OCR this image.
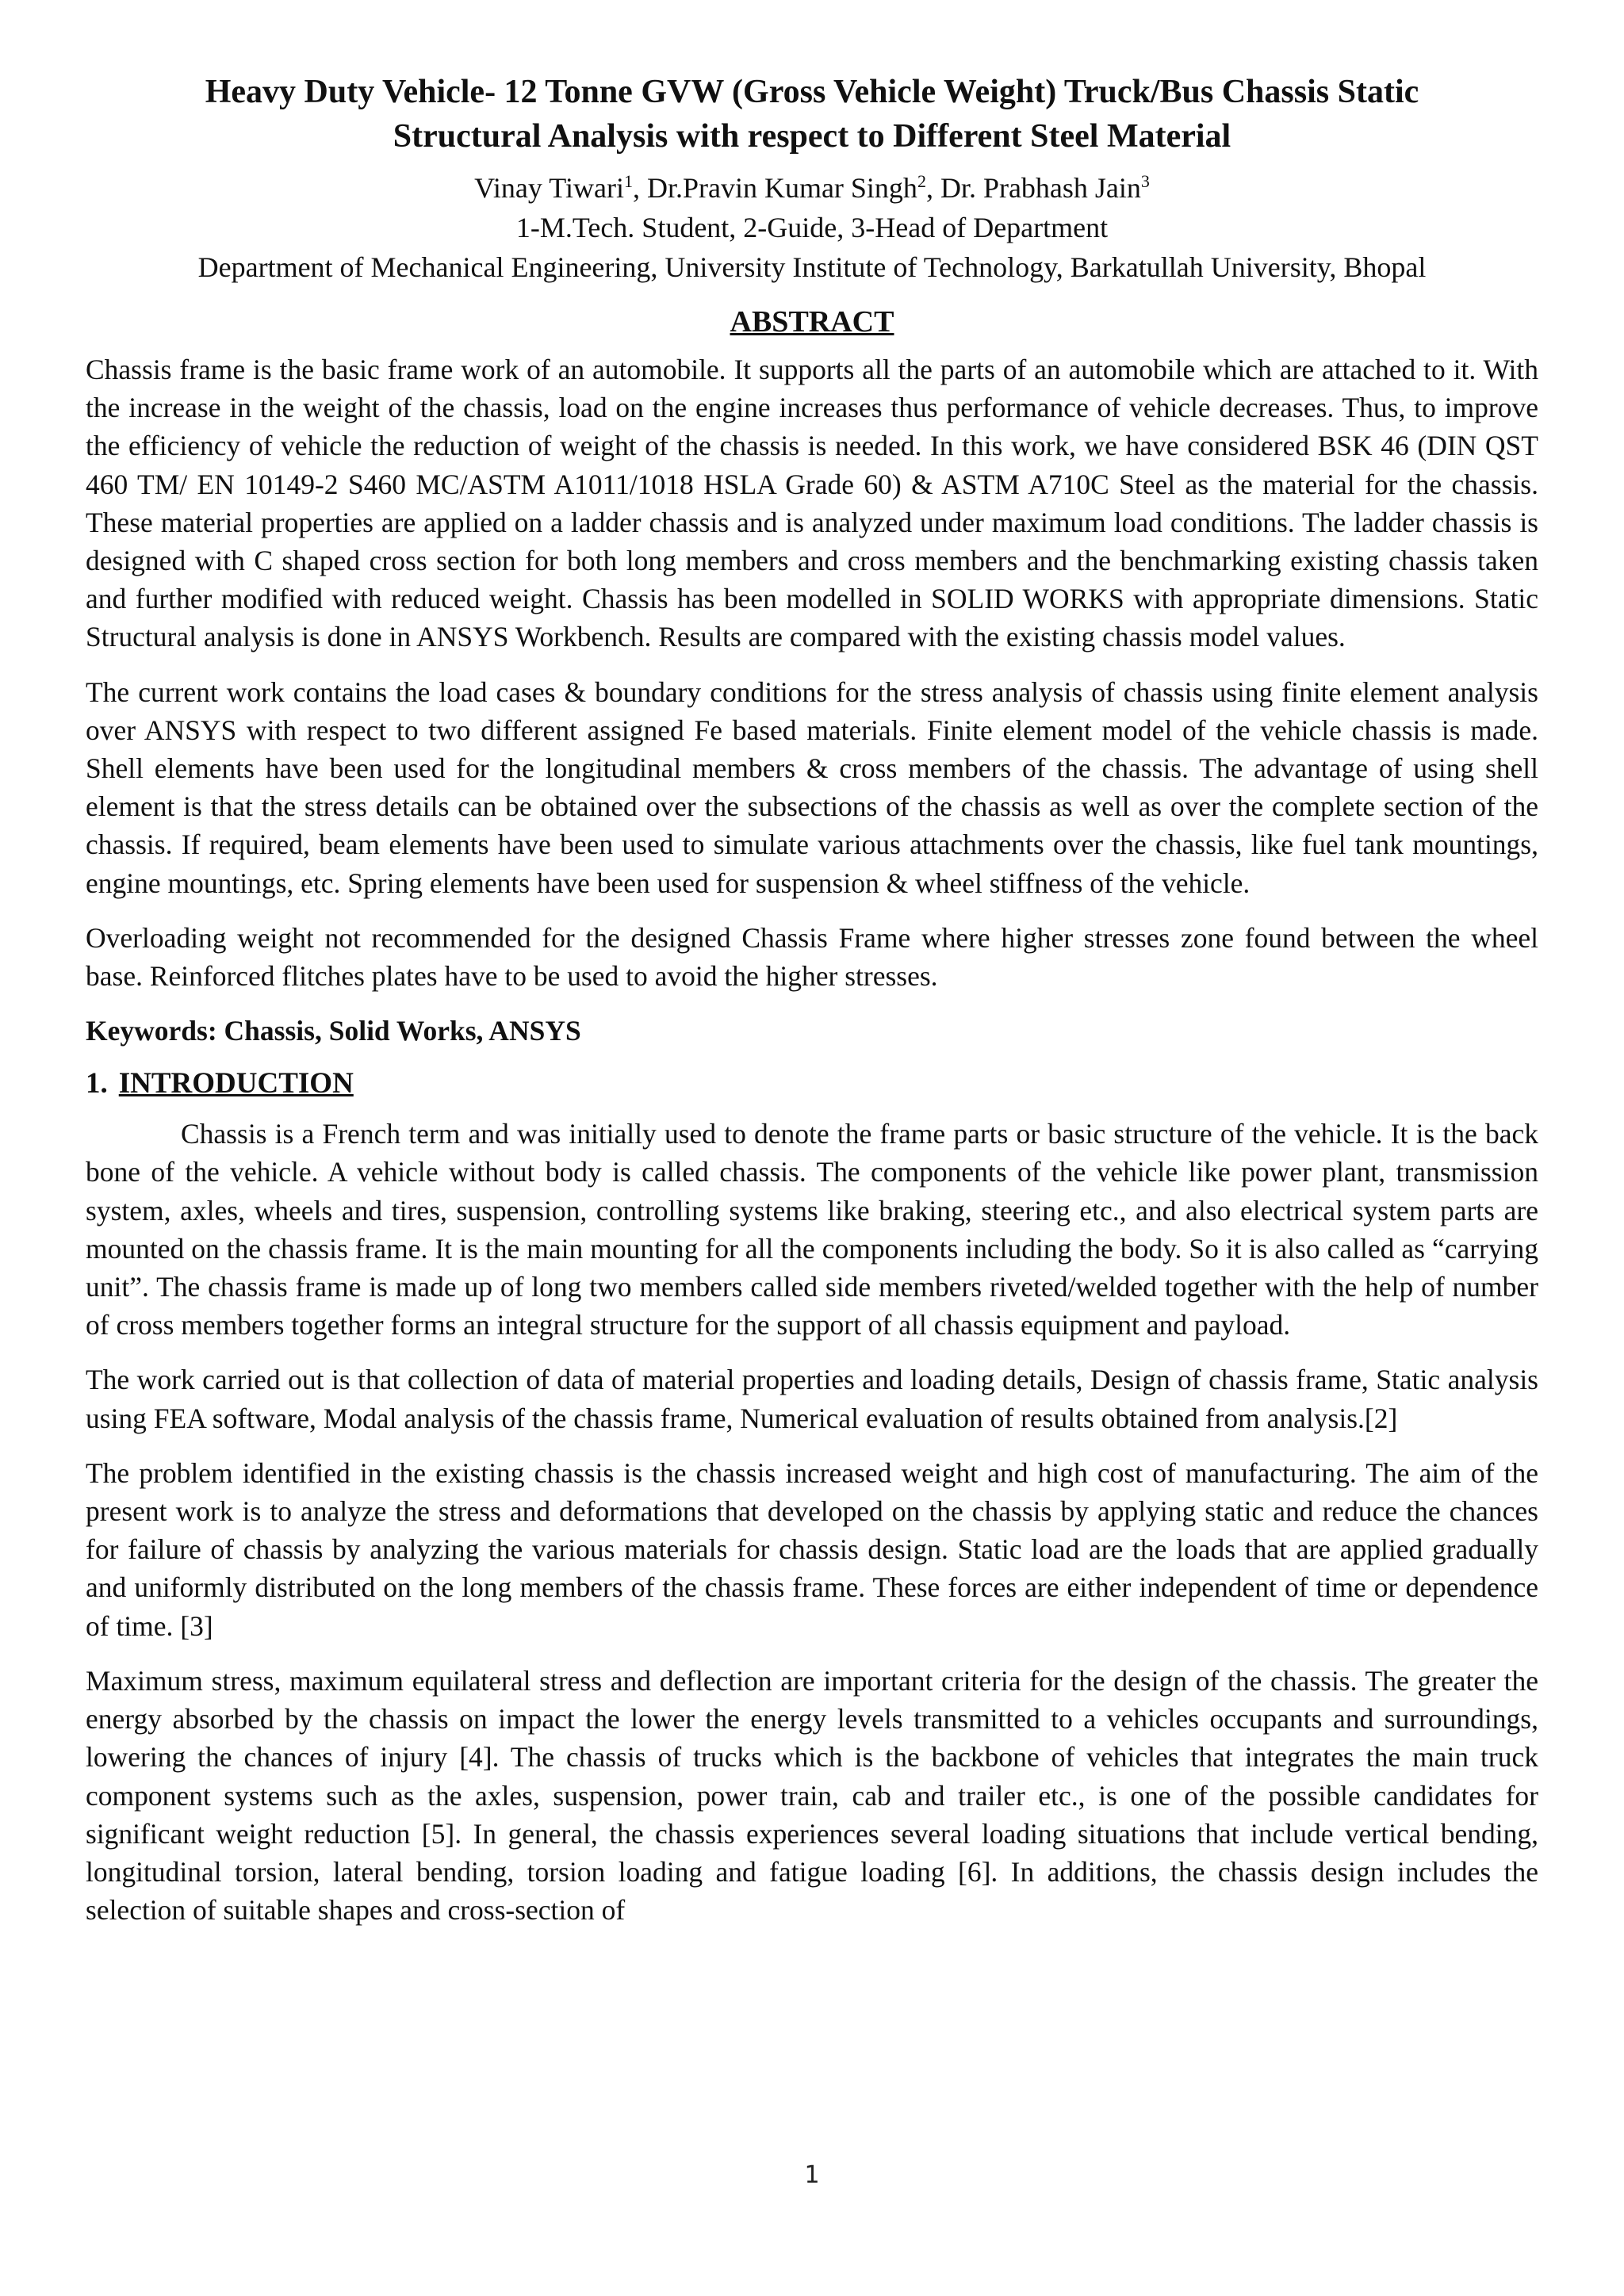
Heavy Duty Vehicle- 12 Tonne GVW (Gross Vehicle Weight) Truck/Bus Chassis Static
Structural Analysis with respect to Different Steel Material

Vinay Tiwari$^1$, Dr.Pravin Kumar Singh$^2$, Dr. Prabhash Jain$^3$

1-M.Tech. Student, 2-Guide, 3-Head of Department

Department of Mechanical Engineering, University Institute of Technology, Barkatullah University, Bhopal

ABSTRACT

Chassis frame is the basic frame work of an automobile. It supports all the parts of an automobile which are attached to it. With the increase in the weight of the chassis, load on the engine increases thus performance of vehicle decreases. Thus, to improve the efficiency of vehicle the reduction of weight of the chassis is needed. In this work, we have considered BSK 46 (DIN QST 460 TM/ EN 10149-2 S460 MC/ASTM A1011/1018 HSLA Grade 60) & ASTM A710C Steel as the material for the chassis. These material properties are applied on a ladder chassis and is analyzed under maximum load conditions. The ladder chassis is designed with C shaped cross section for both long members and cross members and the benchmarking existing chassis taken and further modified with reduced weight. Chassis has been modelled in SOLID WORKS with appropriate dimensions. Static Structural analysis is done in ANSYS Workbench. Results are compared with the existing chassis model values.

The current work contains the load cases & boundary conditions for the stress analysis of chassis using finite element analysis over ANSYS with respect to two different assigned Fe based materials. Finite element model of the vehicle chassis is made. Shell elements have been used for the longitudinal members & cross members of the chassis. The advantage of using shell element is that the stress details can be obtained over the subsections of the chassis as well as over the complete section of the chassis. If required, beam elements have been used to simulate various attachments over the chassis, like fuel tank mountings, engine mountings, etc. Spring elements have been used for suspension & wheel stiffness of the vehicle.

Overloading weight not recommended for the designed Chassis Frame where higher stresses zone found between the wheel base. Reinforced flitches plates have to be used to avoid the higher stresses.

Keywords: Chassis, Solid Works, ANSYS

1. INTRODUCTION

Chassis is a French term and was initially used to denote the frame parts or basic structure of the vehicle. It is the back bone of the vehicle. A vehicle without body is called chassis. The components of the vehicle like power plant, transmission system, axles, wheels and tires, suspension, controlling systems like braking, steering etc., and also electrical system parts are mounted on the chassis frame. It is the main mounting for all the components including the body. So it is also called as “carrying unit”. The chassis frame is made up of long two members called side members riveted/welded together with the help of number of cross members together forms an integral structure for the support of all chassis equipment and payload.

The work carried out is that collection of data of material properties and loading details, Design of chassis frame, Static analysis using FEA software, Modal analysis of the chassis frame, Numerical evaluation of results obtained from analysis.[2]

The problem identified in the existing chassis is the chassis increased weight and high cost of manufacturing. The aim of the present work is to analyze the stress and deformations that developed on the chassis by applying static and reduce the chances for failure of chassis by analyzing the various materials for chassis design. Static load are the loads that are applied gradually and uniformly distributed on the long members of the chassis frame. These forces are either independent of time or dependence of time. [3]

Maximum stress, maximum equilateral stress and deflection are important criteria for the design of the chassis. The greater the energy absorbed by the chassis on impact the lower the energy levels transmitted to a vehicles occupants and surroundings, lowering the chances of injury [4]. The chassis of trucks which is the backbone of vehicles that integrates the main truck component systems such as the axles, suspension, power train, cab and trailer etc., is one of the possible candidates for significant weight reduction [5]. In general, the chassis experiences several loading situations that include vertical bending, longitudinal torsion, lateral bending, torsion loading and fatigue loading [6]. In additions, the chassis design includes the selection of suitable shapes and cross-section of

1
